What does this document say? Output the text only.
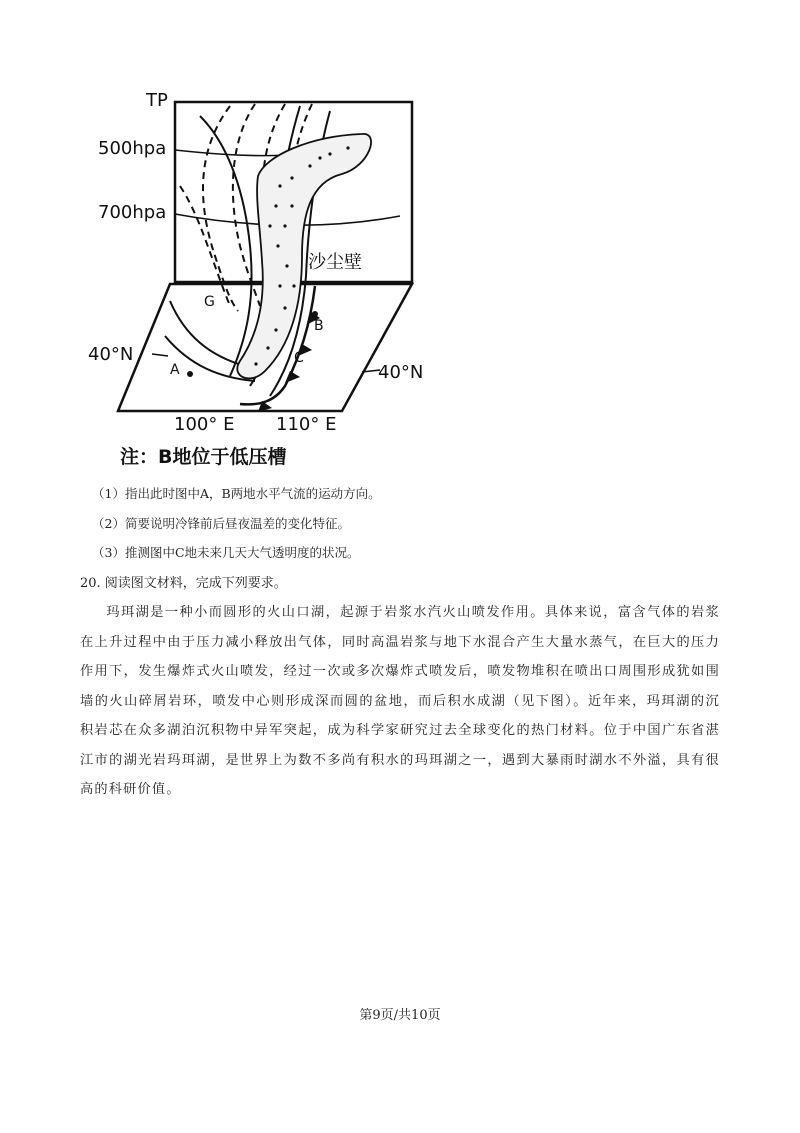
TP
500hpa
700hpa
沙尘壁
G
B
C
A
40°N
40°N
100° E 110° E
注：B地位于低压槽
（1）指出此时图中A，B两地水平气流的运动方向。
（2）简要说明冷锋前后昼夜温差的变化特征。
（3）推测图中C地未来几天大气透明度的状况。
20. 阅读图文材料，完成下列要求。
玛珥湖是一种小而圆形的火山口湖，起源于岩浆水汽火山喷发作用。具体来说，富含气体的岩浆在上升过程中由于压力减小释放出气体，同时高温岩浆与地下水混合产生大量水蒸气，在巨大的压力作用下，发生爆炸式火山喷发，经过一次或多次爆炸式喷发后，喷发物堆积在喷出口周围形成犹如围墙的火山碎屑岩环，喷发中心则形成深而圆的盆地，而后积水成湖（见下图）。近年来，玛珥湖的沉积岩芯在众多湖泊沉积物中异军突起，成为科学家研究过去全球变化的热门材料。位于中国广东省湛江市的湖光岩玛珥湖，是世界上为数不多尚有积水的玛珥湖之一，遇到大暴雨时湖水不外溢，具有很高的科研价值。
第9页/共10页
